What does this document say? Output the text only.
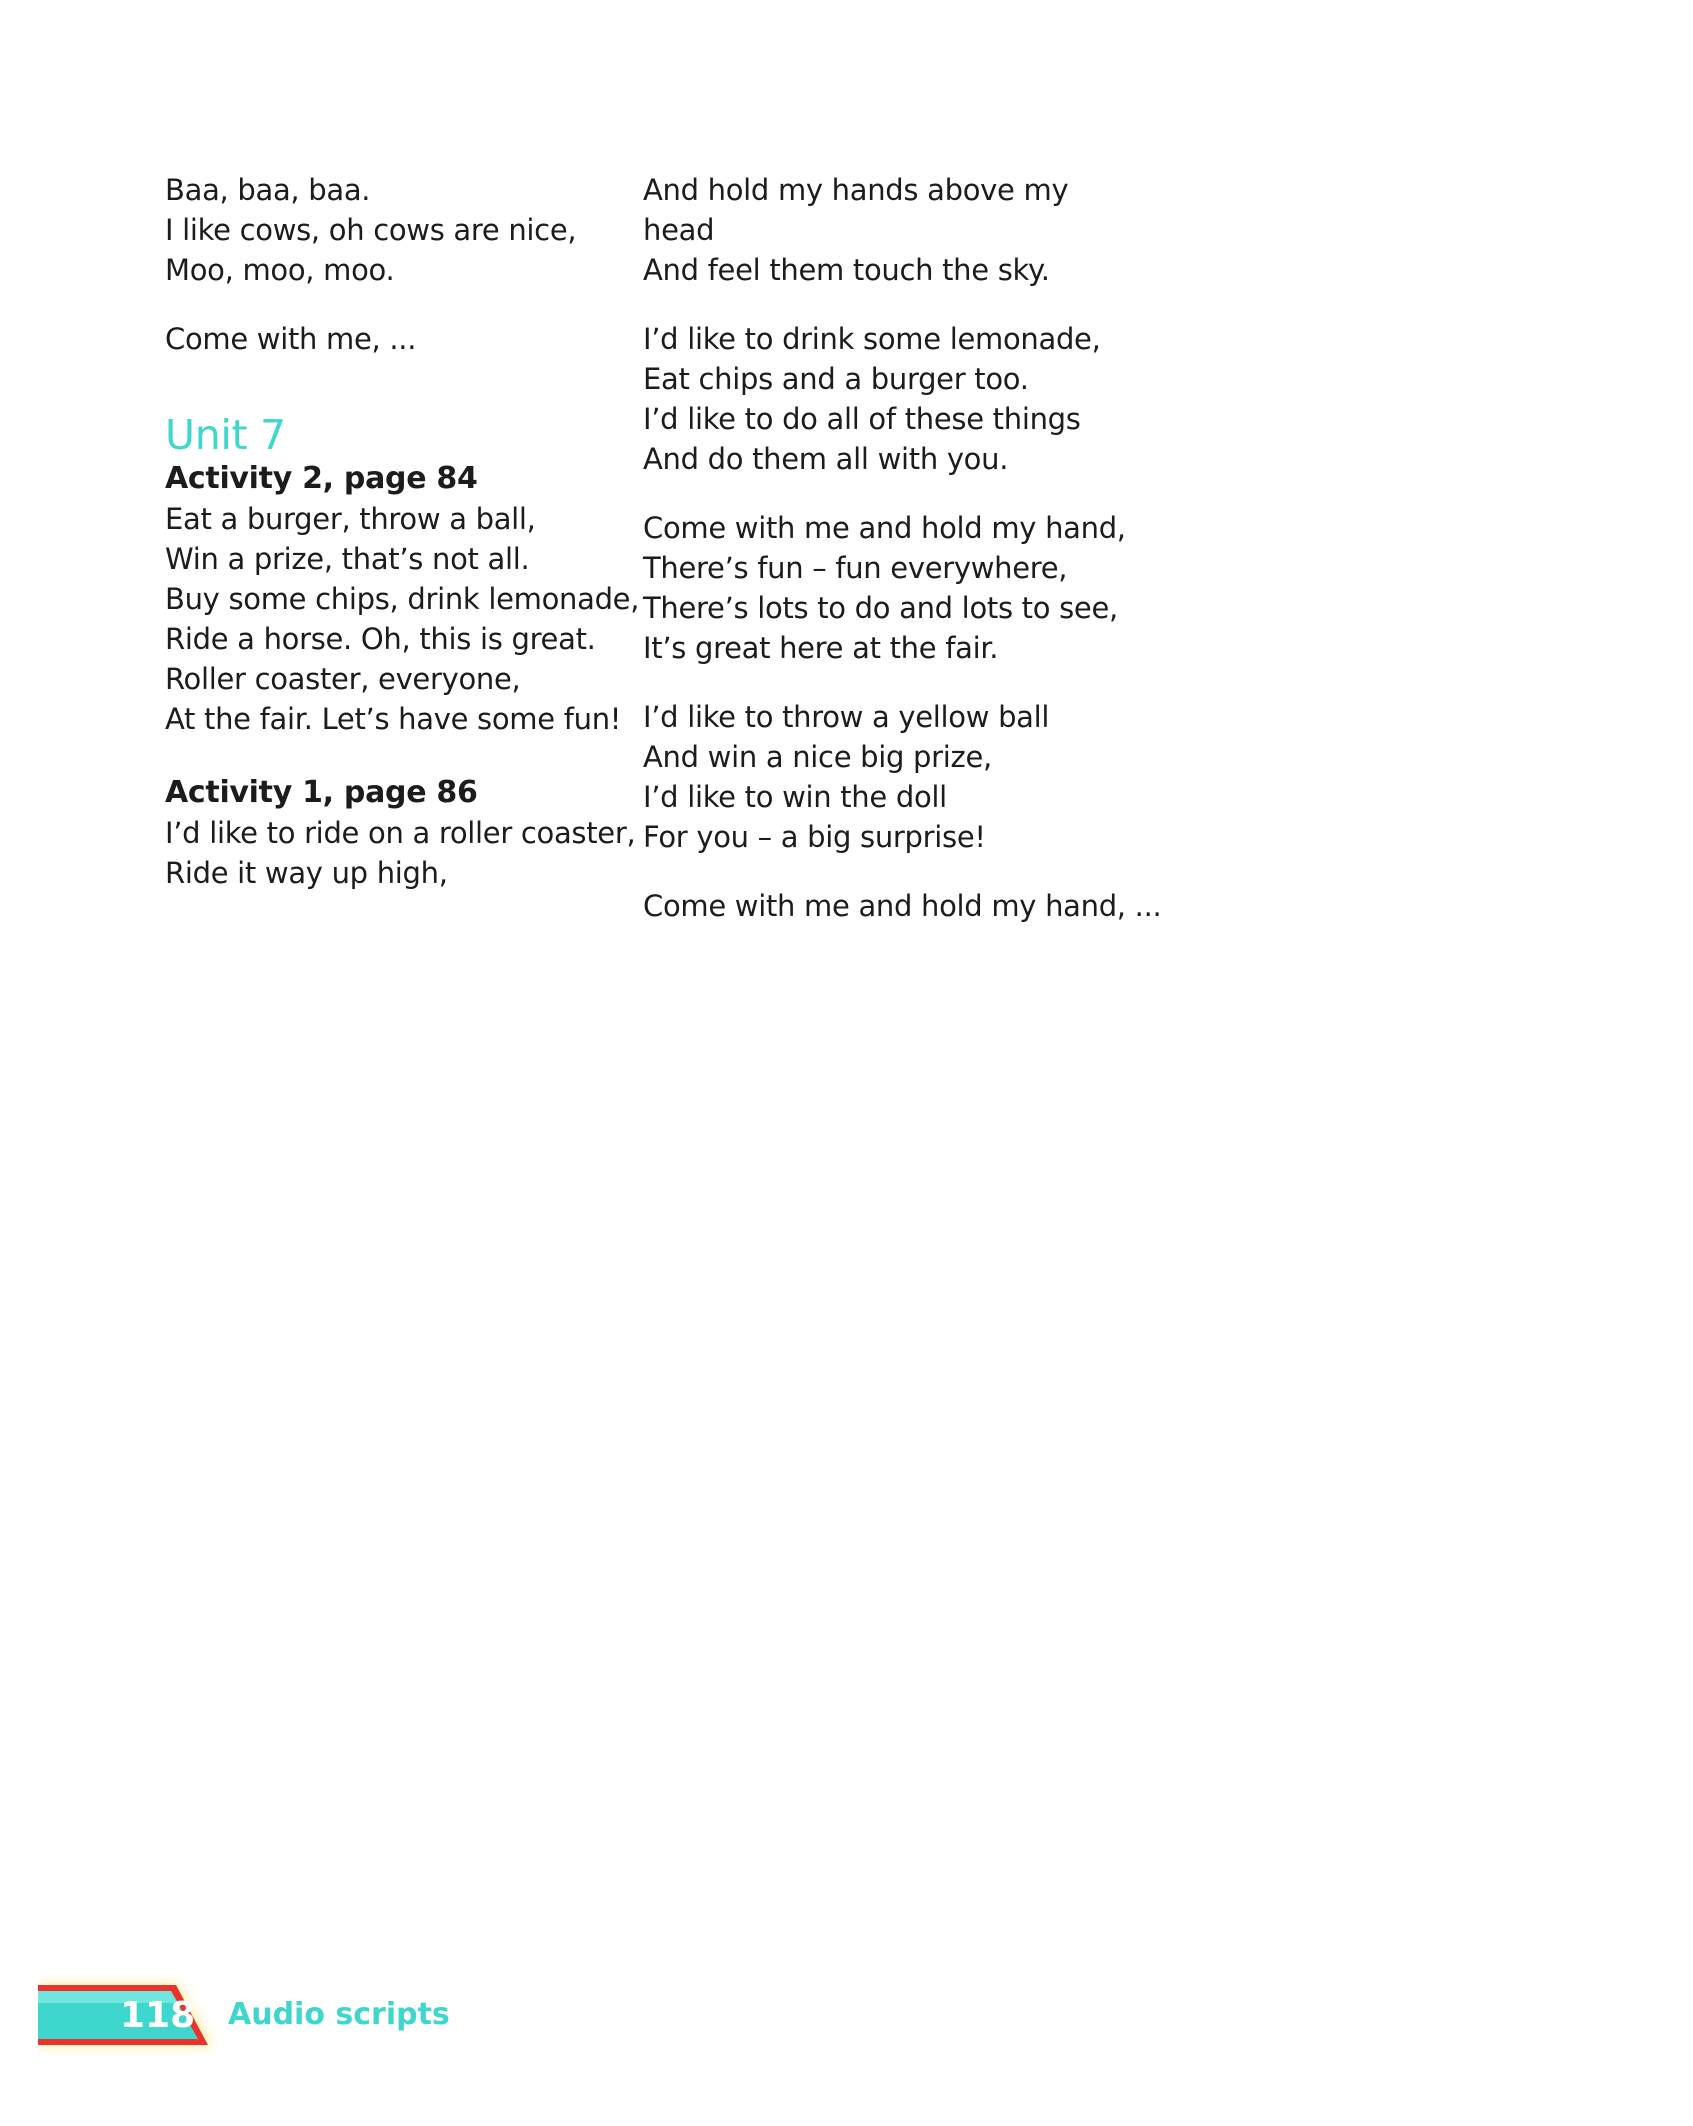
Baa, baa, baa.
I like cows, oh cows are nice,
Moo, moo, moo.
Come with me, ...
Unit 7
Activity 2, page 84
Eat a burger, throw a ball,
Win a prize, that’s not all.
Buy some chips, drink lemonade,
Ride a horse. Oh, this is great.
Roller coaster, everyone,
At the fair. Let’s have some fun!
Activity 1, page 86
I’d like to ride on a roller coaster,
Ride it way up high,
And hold my hands above my
head
And feel them touch the sky.
I’d like to drink some lemonade,
Eat chips and a burger too.
I’d like to do all of these things
And do them all with you.
Come with me and hold my hand,
There’s fun – fun everywhere,
There’s lots to do and lots to see,
It’s great here at the fair.
I’d like to throw a yellow ball
And win a nice big prize,
I’d like to win the doll
For you – a big surprise!
Come with me and hold my hand, ...
118 Audio scripts
